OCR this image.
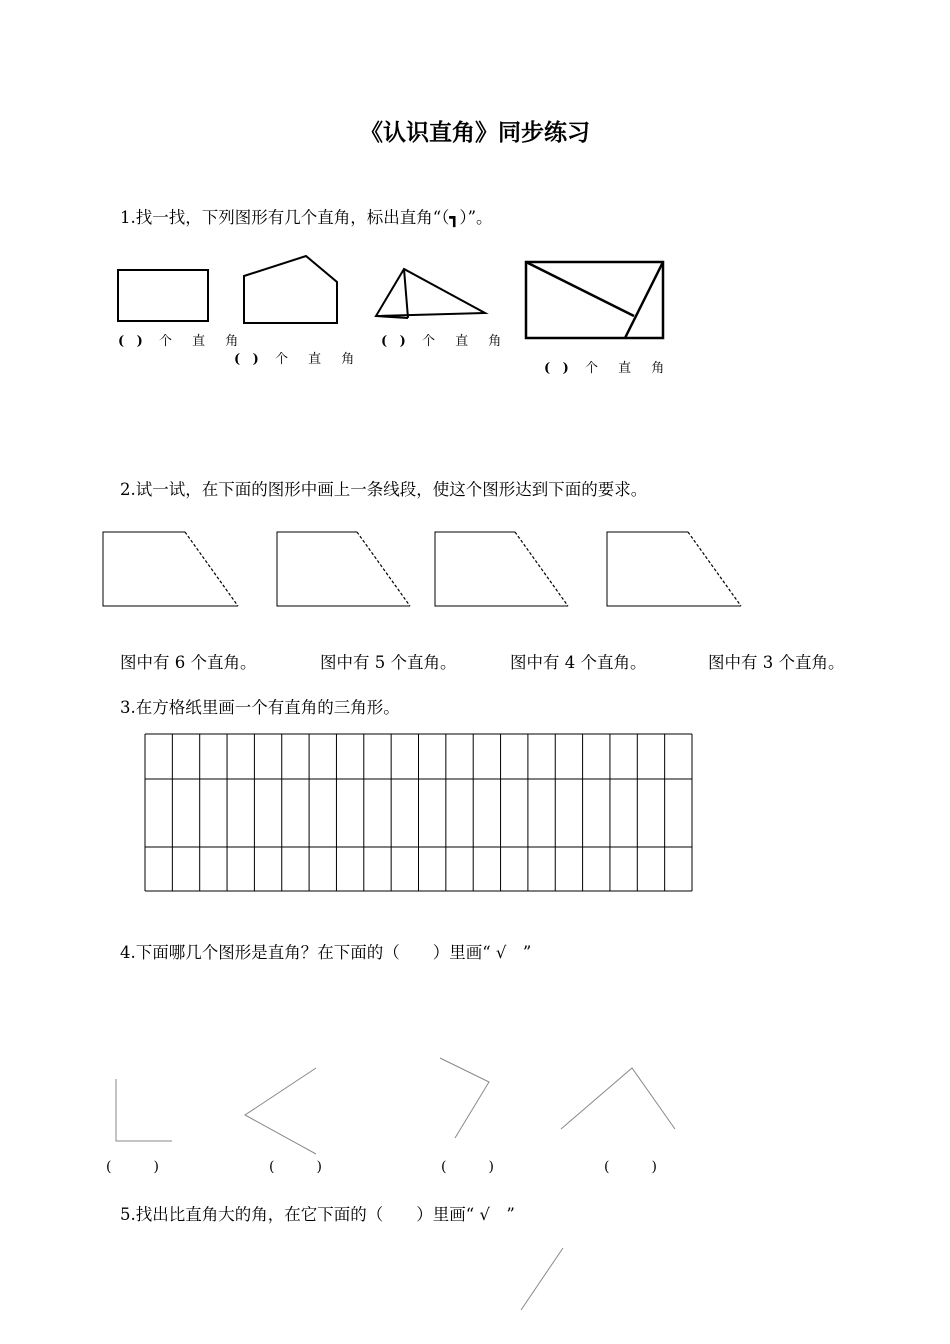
《认识直角》同步练习
1.找一找，下列图形有几个直角，标出直角“（┓）”。
( ) 个 直 角
( ) 个 直 角
( ) 个 直 角
( ) 个 直 角
2.试一试，在下面的图形中画上一条线段，使这个图形达到下面的要求。
图中有 6 个直角。	图中有 5 个直角。	图中有 4 个直角。	图中有 3 个直角。
3.在方格纸里画一个有直角的三角形。
4.下面哪几个图形是直角？在下面的（　　）里画“ √　”
(　　　)	(　　　)	(　　　)	(　　　)
5.找出比直角大的角，在它下面的（　　）里画“ √　”
